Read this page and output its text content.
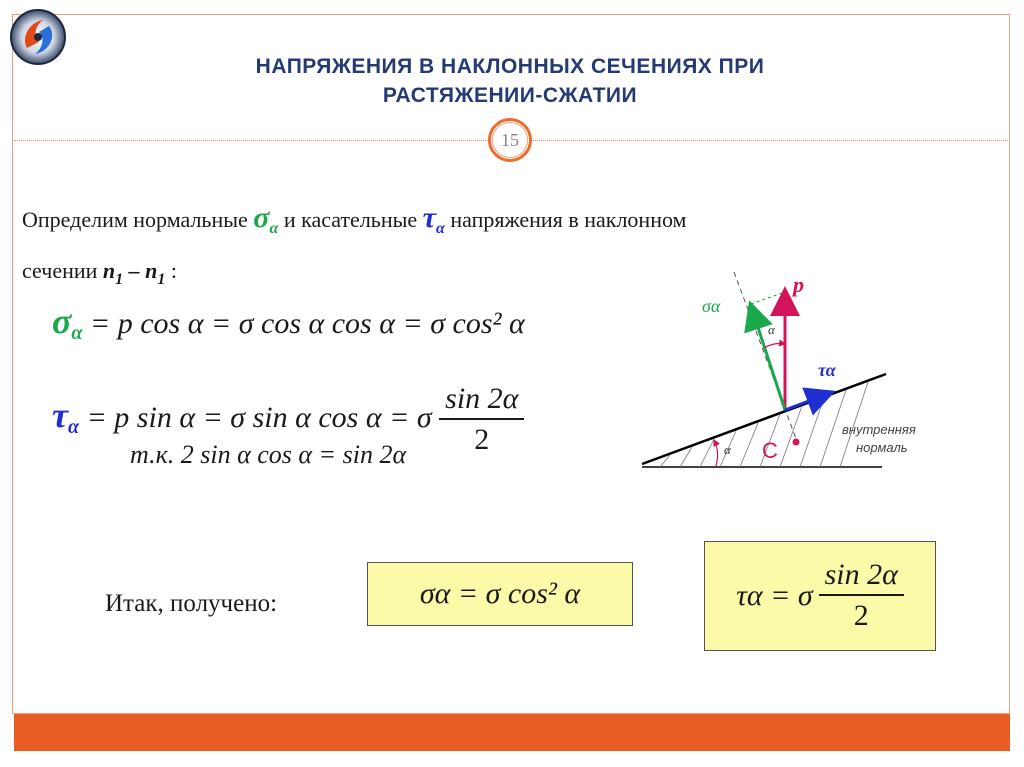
НАПРЯЖЕНИЯ В НАКЛОННЫХ СЕЧЕНИЯХ ПРИ
РАСТЯЖЕНИИ-СЖАТИИ
15
Определим нормальные $\sigma_\alpha$ и касательные $\tau_\alpha$ напряжения в наклонном
сечении $n_1 - n_1$ :
$\sigma_\alpha = p$ cos α = σ cos α cos α = σ cos² α
$\tau_\alpha = p$ sin α = σ sin α cos α = σ $\frac{\sin 2\alpha}{2}$
т.к. 2 sin α cos α = sin 2α
p
σα
τα
α
α C
внутренняя
нормаль
Итак, получено:	σα = σ cos² α	τα = σ $\frac{\sin 2\alpha}{2}$
